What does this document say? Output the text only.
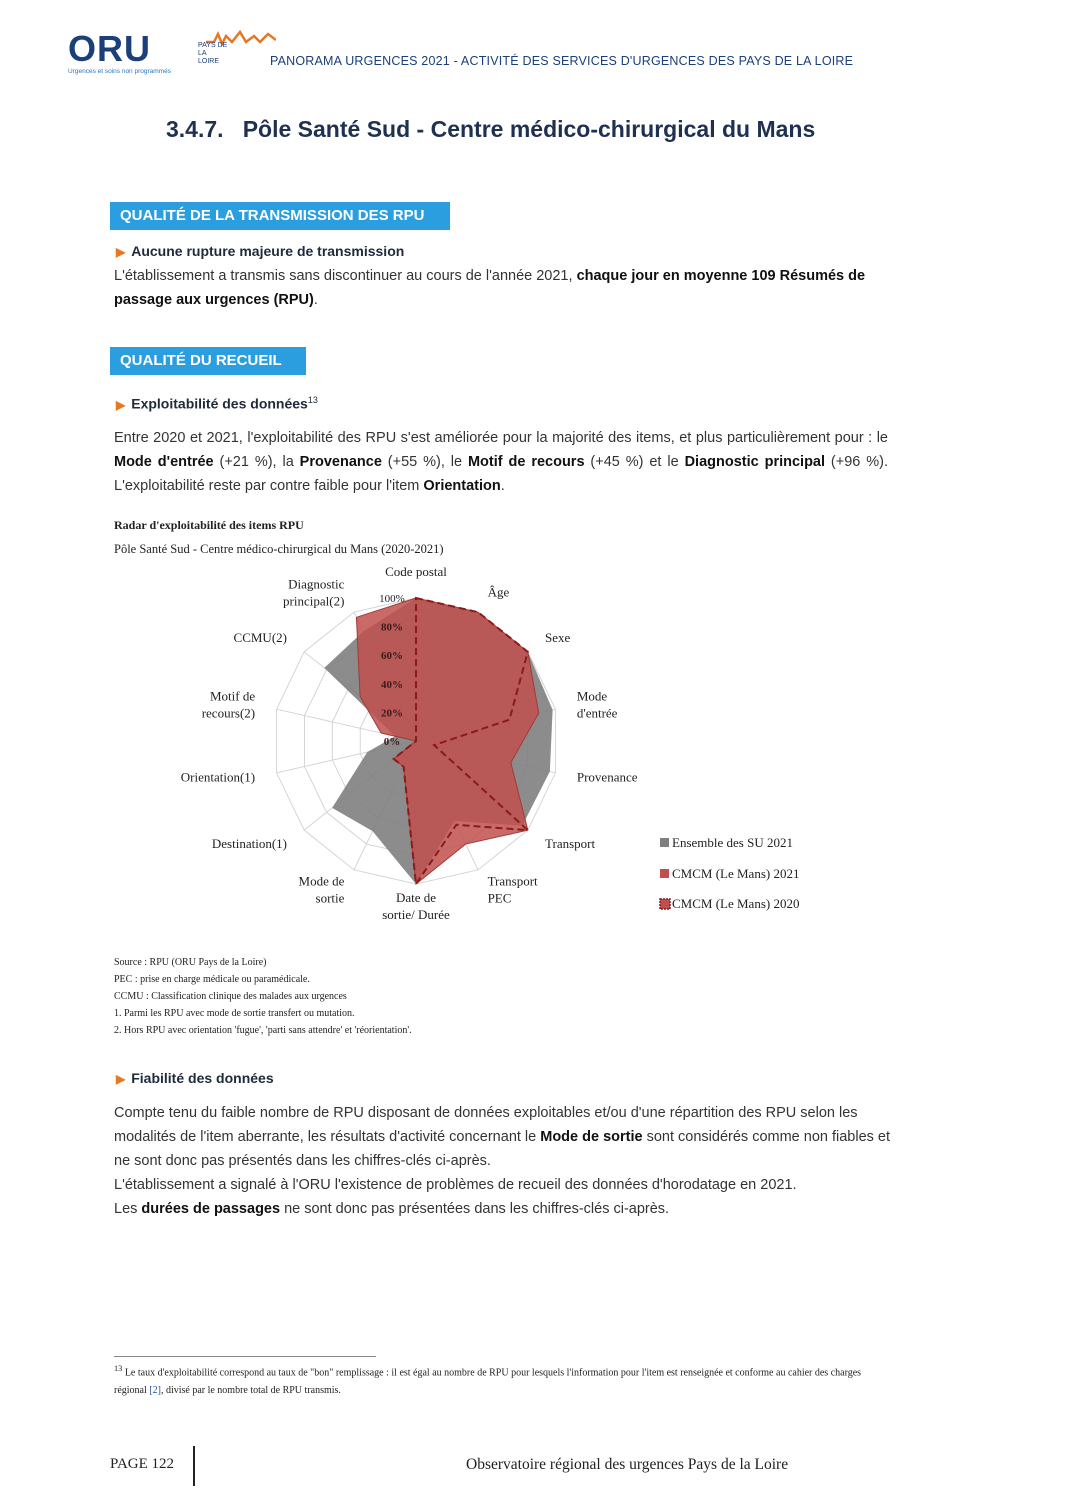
ORU	PAYS DE
LA LOIRE
Urgences et soins non programmés
PANORAMA URGENCES 2021 - ACTIVITÉ DES SERVICES D'URGENCES DES PAYS DE LA LOIRE
3.4.7.   Pôle Santé Sud - Centre médico-chirurgical du Mans
QUALITÉ DE LA TRANSMISSION DES RPU
▶ Aucune rupture majeure de transmission
L'établissement a transmis sans discontinuer au cours de l'année 2021, chaque jour en moyenne 109 Résumés de passage aux urgences (RPU).
QUALITÉ DU RECUEIL
▶ Exploitabilité des données$^{13}$
Entre 2020 et 2021, l'exploitabilité des RPU s'est améliorée pour la majorité des items, et plus particulièrement pour : le Mode d'entrée (+21 %), la Provenance (+55 %), le Motif de recours (+45 %) et le Diagnostic principal (+96 %). L'exploitabilité reste par contre faible pour l'item Orientation.
Radar d'exploitabilité des items RPU
Pôle Santé Sud - Centre médico-chirurgical du Mans (2020-2021)
0%
20%
40%
60%
80%
100%
Code postal
Âge
Sexe
Mode
d'entrée
Provenance
Transport
Transport
PEC
Date de
sortie/ Durée
Mode de
sortie
Destination(1)
Orientation(1)
Motif de
recours(2)
CCMU(2)
Diagnostic
principal(2)
Ensemble des SU 2021
CMCM (Le Mans) 2021
CMCM (Le Mans) 2020
Source : RPU (ORU Pays de la Loire)
PEC : prise en charge médicale ou paramédicale.
CCMU : Classification clinique des malades aux urgences
1. Parmi les RPU avec mode de sortie transfert ou mutation.
2. Hors RPU avec orientation 'fugue', 'parti sans attendre' et 'réorientation'.
▶ Fiabilité des données
Compte tenu du faible nombre de RPU disposant de données exploitables et/ou d'une répartition des RPU selon les modalités de l'item aberrante, les résultats d'activité concernant le Mode de sortie sont considérés comme non fiables et ne sont donc pas présentés dans les chiffres-clés ci-après.
L'établissement a signalé à l'ORU l'existence de problèmes de recueil des données d'horodatage en 2021.
Les durées de passages ne sont donc pas présentées dans les chiffres-clés ci-après.
$^{13}$ Le taux d'exploitabilité correspond au taux de "bon" remplissage : il est égal au nombre de RPU pour lesquels l'information pour l'item est renseignée et conforme au cahier des charges régional [2], divisé par le nombre total de RPU transmis.
PAGE 122	Observatoire régional des urgences Pays de la Loire
